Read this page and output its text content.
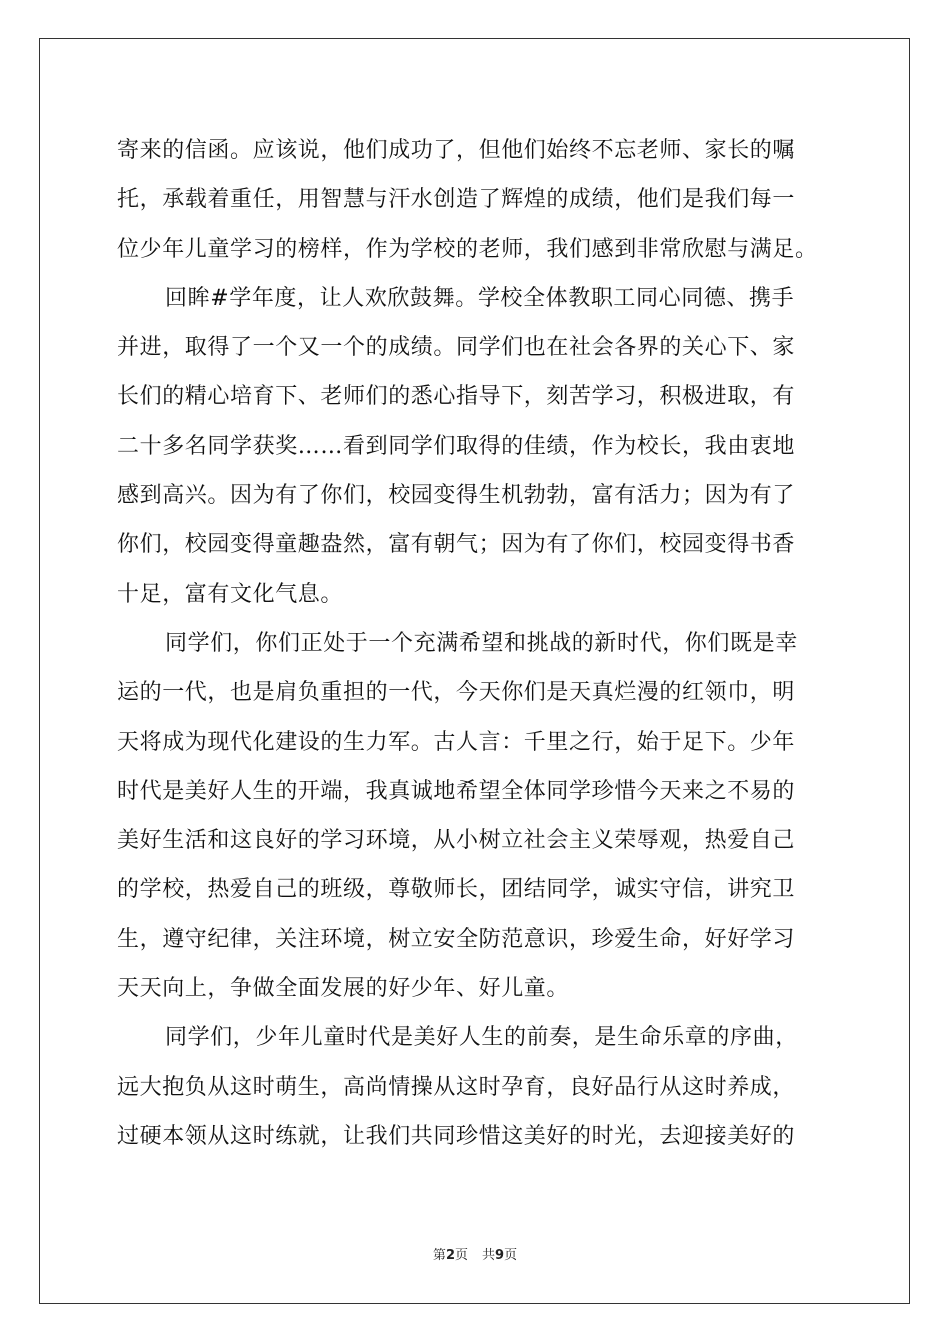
寄来的信函。应该说，他们成功了，但他们始终不忘老师、家长的嘱
托，承载着重任，用智慧与汗水创造了辉煌的成绩，他们是我们每一
位少年儿童学习的榜样，作为学校的老师，我们感到非常欣慰与满足。
回眸#学年度，让人欢欣鼓舞。学校全体教职工同心同德、携手
并进，取得了一个又一个的成绩。同学们也在社会各界的关心下、家
长们的精心培育下、老师们的悉心指导下，刻苦学习，积极进取，有
二十多名同学获奖……看到同学们取得的佳绩，作为校长，我由衷地
感到高兴。因为有了你们，校园变得生机勃勃，富有活力；因为有了
你们，校园变得童趣盎然，富有朝气；因为有了你们，校园变得书香
十足，富有文化气息。
同学们，你们正处于一个充满希望和挑战的新时代，你们既是幸
运的一代，也是肩负重担的一代，今天你们是天真烂漫的红领巾，明
天将成为现代化建设的生力军。古人言：千里之行，始于足下。少年
时代是美好人生的开端，我真诚地希望全体同学珍惜今天来之不易的
美好生活和这良好的学习环境，从小树立社会主义荣辱观，热爱自己
的学校，热爱自己的班级，尊敬师长，团结同学，诚实守信，讲究卫
生，遵守纪律，关注环境，树立安全防范意识，珍爱生命，好好学习
天天向上，争做全面发展的好少年、好儿童。
同学们，少年儿童时代是美好人生的前奏，是生命乐章的序曲，
远大抱负从这时萌生，高尚情操从这时孕育，良好品行从这时养成，
过硬本领从这时练就，让我们共同珍惜这美好的时光，去迎接美好的
第2页 共9页
